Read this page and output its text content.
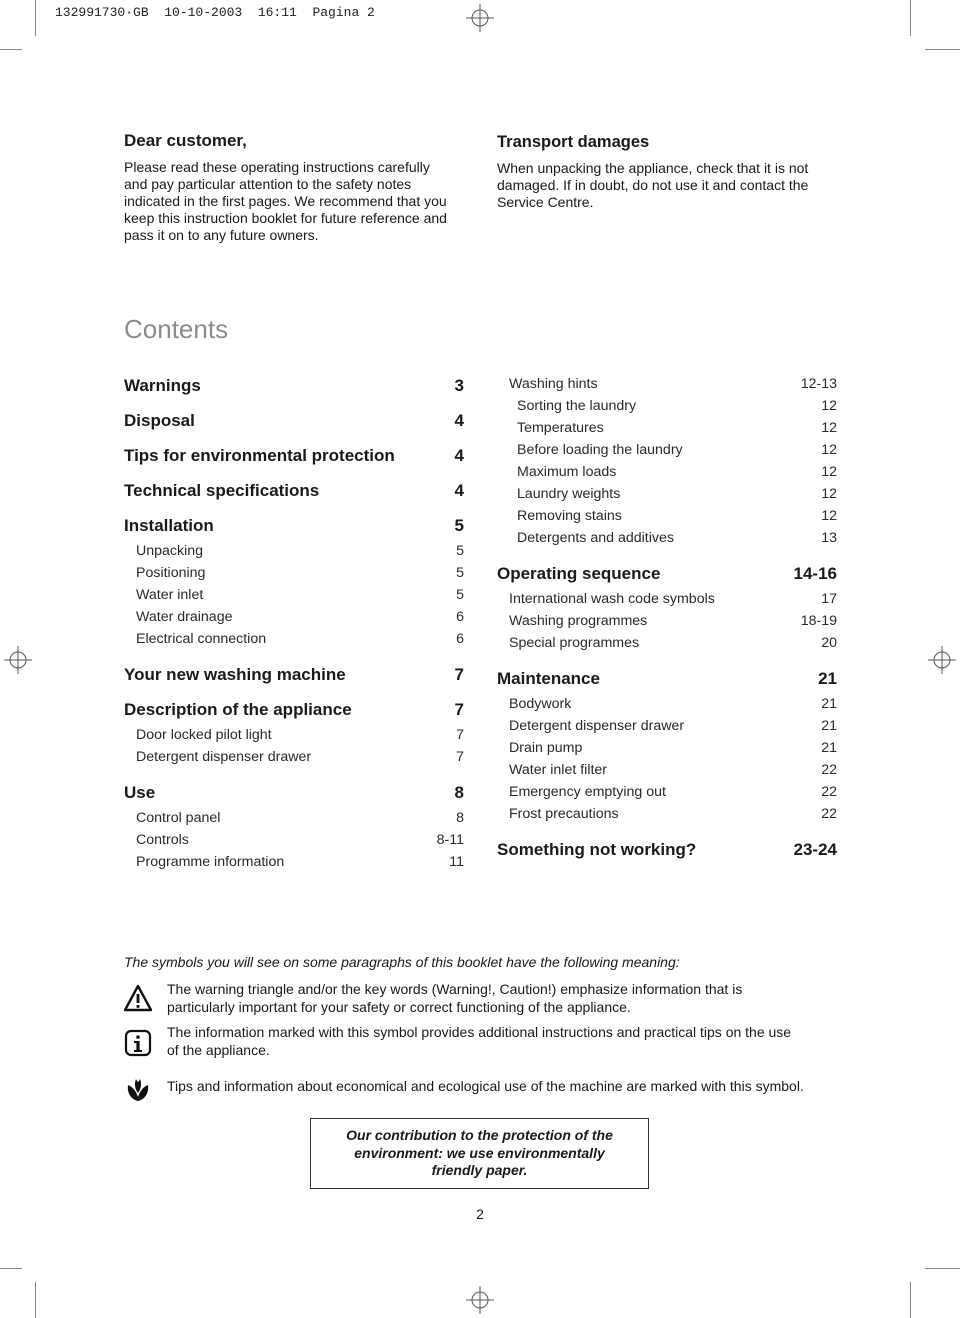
132991730·GB  10-10-2003  16:11  Pagina 2
Dear customer,
Please read these operating instructions carefully
and pay particular attention to the safety notes
indicated in the first pages. We recommend that you
keep this instruction booklet for future reference and
pass it on to any future owners.
Transport damages
When unpacking the appliance, check that it is not
damaged. If in doubt, do not use it and contact the
Service Centre.
Contents
Warnings	3
Disposal	4
Tips for environmental protection	4
Technical specifications	4
Installation	5
Unpacking	5
Positioning	5
Water inlet	5
Water drainage	6
Electrical connection	6
Your new washing machine	7
Description of the appliance	7
Door locked pilot light	7
Detergent dispenser drawer	7
Use	8
Control panel	8
Controls	8-11
Programme information	11
Washing hints	12-13
Sorting the laundry	12
Temperatures	12
Before loading the laundry	12
Maximum loads	12
Laundry weights	12
Removing stains	12
Detergents and additives	13
Operating sequence	14-16
International wash code symbols	17
Washing programmes	18-19
Special programmes	20
Maintenance	21
Bodywork	21
Detergent dispenser drawer	21
Drain pump	21
Water inlet filter	22
Emergency emptying out	22
Frost precautions	22
Something not working?	23-24
The symbols you will see on some paragraphs of this booklet have the following meaning:
The warning triangle and/or the key words (Warning!, Caution!) emphasize information that is
particularly important for your safety or correct functioning of the appliance.
The information marked with this symbol provides additional instructions and practical tips on the use
of the appliance.
Tips and information about economical and ecological use of the machine are marked with this symbol.
Our contribution to the protection of the
environment: we use environmentally
friendly paper.
2
